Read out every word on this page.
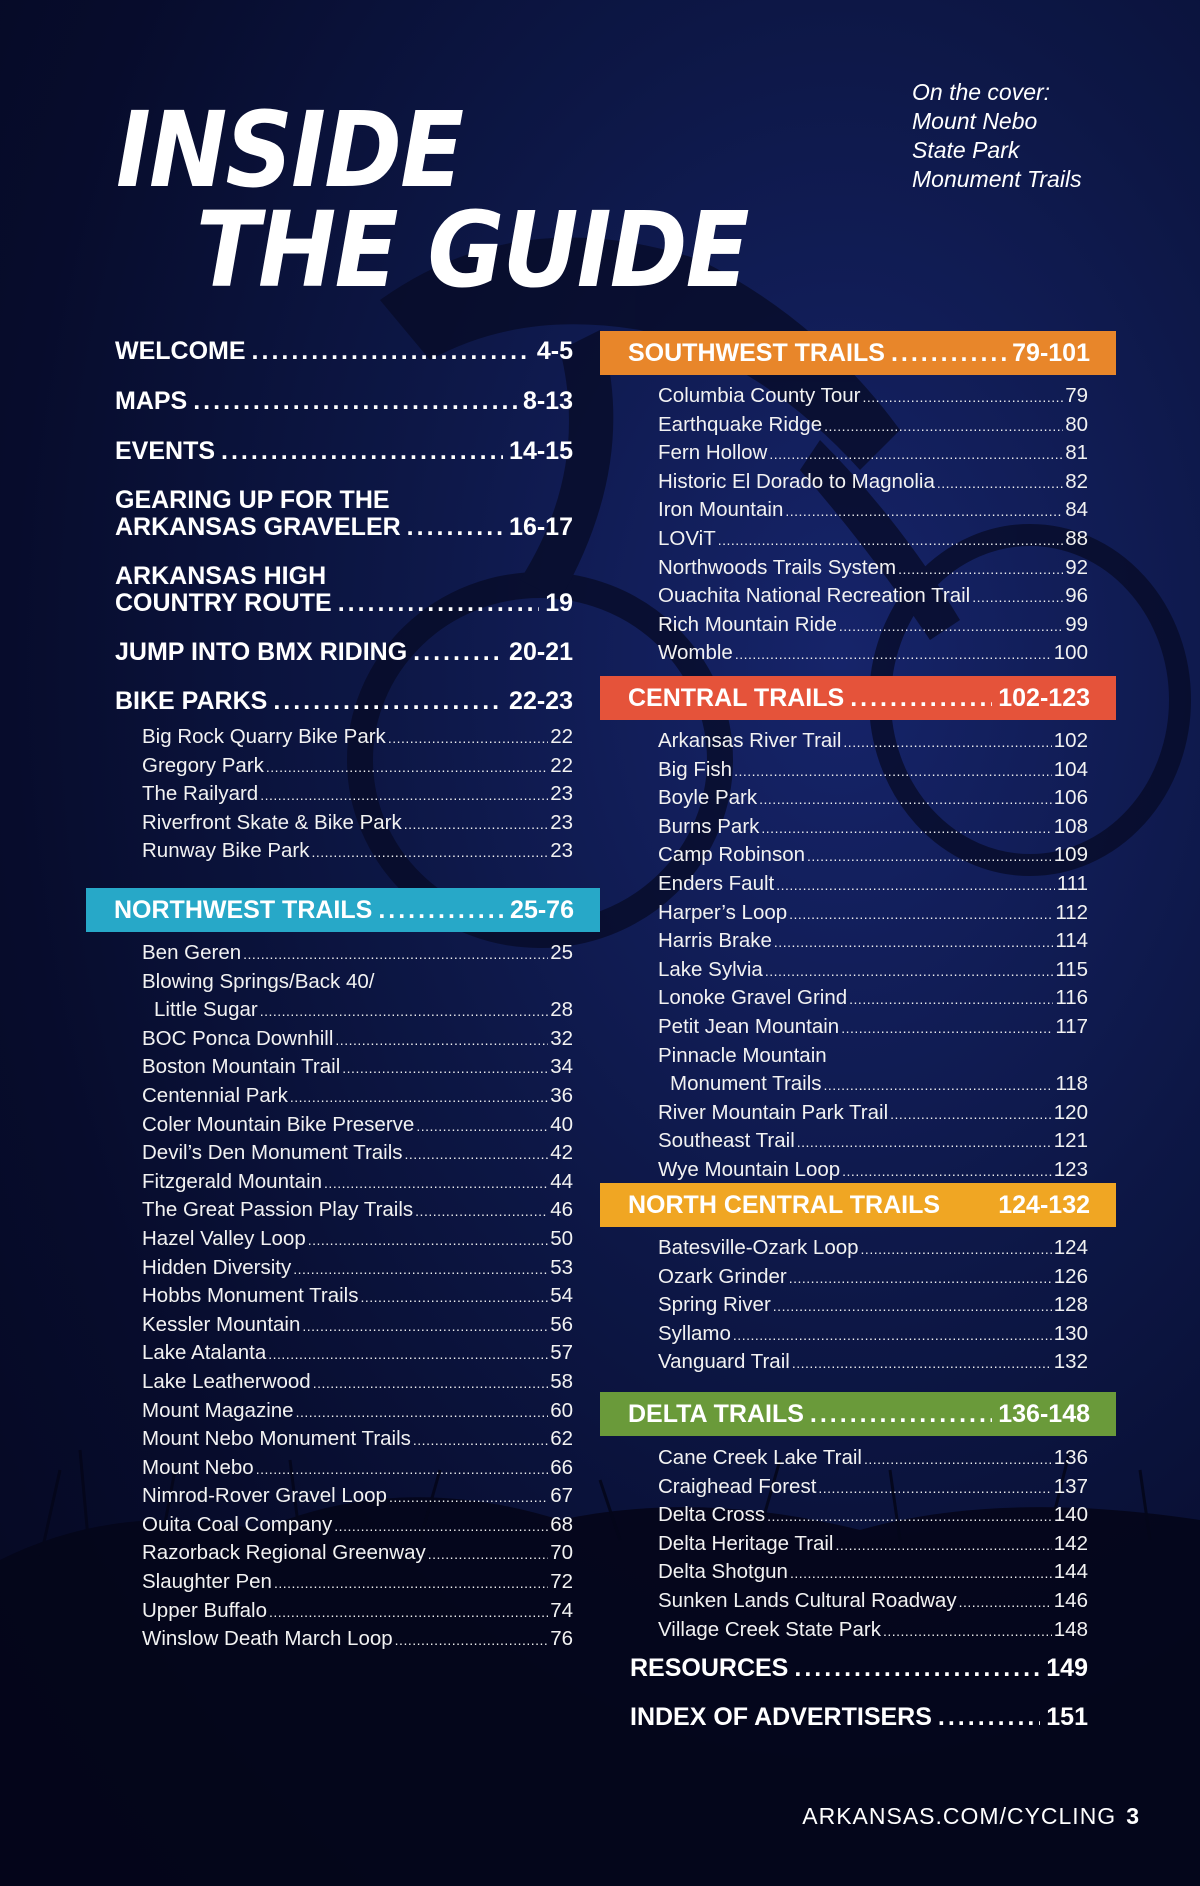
On the cover:
Mount Nebo
State Park
Monument Trails
INSIDE
THE GUIDE
WELCOME .....	4-5
MAPS .....	8-13
EVENTS .....	14-15
GEARING UP FOR THE
ARKANSAS GRAVELER .....	16-17
ARKANSAS HIGH
COUNTRY ROUTE .....	19
JUMP INTO BMX RIDING .....	20-21
BIKE PARKS .....	22-23
Big Rock Quarry Bike Park .....	22
Gregory Park .....	22
The Railyard .....	23
Riverfront Skate & Bike Park .....	23
Runway Bike Park .....	23
NORTHWEST TRAILS .....	25-76
Ben Geren .....	25
Blowing Springs/Back 40/
Little Sugar .....	28
BOC Ponca Downhill .....	32
Boston Mountain Trail .....	34
Centennial Park .....	36
Coler Mountain Bike Preserve .....	40
Devil’s Den Monument Trails .....	42
Fitzgerald Mountain .....	44
The Great Passion Play Trails .....	46
Hazel Valley Loop .....	50
Hidden Diversity .....	53
Hobbs Monument Trails .....	54
Kessler Mountain .....	56
Lake Atalanta .....	57
Lake Leatherwood .....	58
Mount Magazine .....	60
Mount Nebo Monument Trails .....	62
Mount Nebo .....	66
Nimrod-Rover Gravel Loop .....	67
Ouita Coal Company .....	68
Razorback Regional Greenway .....	70
Slaughter Pen .....	72
Upper Buffalo .....	74
Winslow Death March Loop .....	76
SOUTHWEST TRAILS .....	79-101
Columbia County Tour .....	79
Earthquake Ridge .....	80
Fern Hollow .....	81
Historic El Dorado to Magnolia .....	82
Iron Mountain .....	84
LOViT .....	88
Northwoods Trails System .....	92
Ouachita National Recreation Trail .....	96
Rich Mountain Ride .....	99
Womble .....	100
CENTRAL TRAILS .....	102-123
Arkansas River Trail .....	102
Big Fish .....	104
Boyle Park .....	106
Burns Park .....	108
Camp Robinson .....	109
Enders Fault .....	111
Harper’s Loop .....	112
Harris Brake .....	114
Lake Sylvia .....	115
Lonoke Gravel Grind .....	116
Petit Jean Mountain .....	117
Pinnacle Mountain
Monument Trails .....	118
River Mountain Park Trail .....	120
Southeast Trail .....	121
Wye Mountain Loop .....	123
NORTH CENTRAL TRAILS 124-132
Batesville-Ozark Loop .....	124
Ozark Grinder .....	126
Spring River .....	128
Syllamo .....	130
Vanguard Trail .....	132
DELTA TRAILS .....	136-148
Cane Creek Lake Trail .....	136
Craighead Forest .....	137
Delta Cross .....	140
Delta Heritage Trail .....	142
Delta Shotgun .....	144
Sunken Lands Cultural Roadway .....	146
Village Creek State Park .....	148
RESOURCES .....	149
INDEX OF ADVERTISERS .....	151
ARKANSAS.COM/CYCLING 3
